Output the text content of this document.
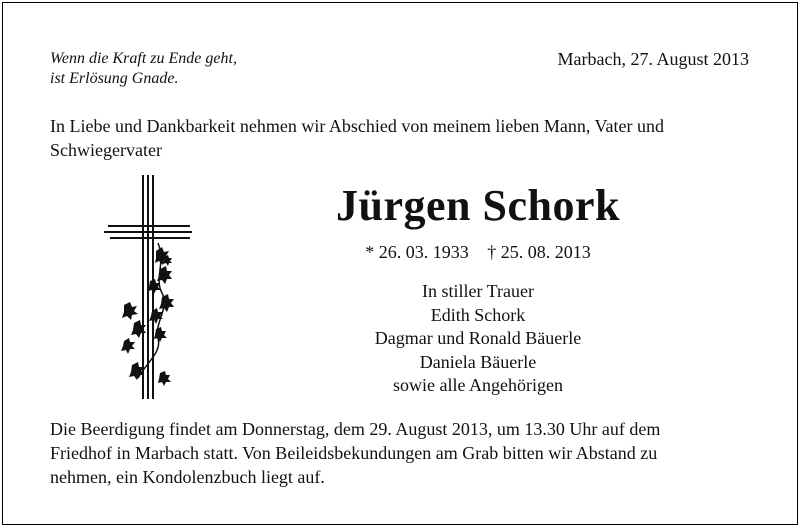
Wenn die Kraft zu Ende geht,
ist Erlösung Gnade.
Marbach, 27. August 2013
In Liebe und Dankbarkeit nehmen wir Abschied von meinem lieben Mann, Vater und
Schwiegervater
Jürgen Schork
* 26. 03. 1933 † 25. 08. 2013
In stiller Trauer
Edith Schork
Dagmar und Ronald Bäuerle
Daniela Bäuerle
sowie alle Angehörigen
Die Beerdigung findet am Donnerstag, dem 29. August 2013, um 13.30 Uhr auf dem
Friedhof in Marbach statt. Von Beileidsbekundungen am Grab bitten wir Abstand zu
nehmen, ein Kondolenzbuch liegt auf.
